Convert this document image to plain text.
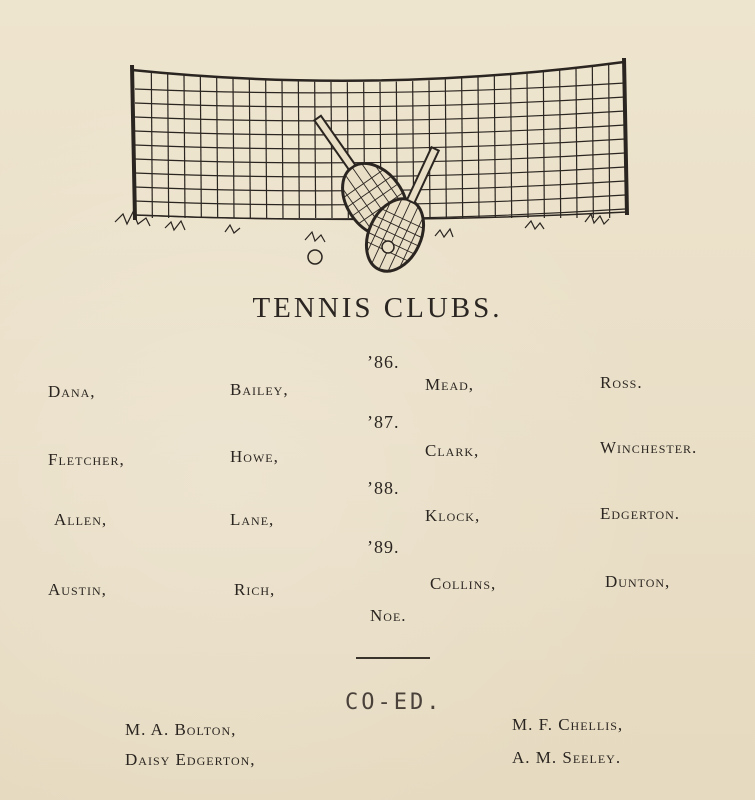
TENNIS CLUBS.
’86.
Dana,	Bailey,	Mead,	Ross.
’87.
Fletcher,	Howe,	Clark,	Winchester.
’88.
Allen,	Lane,	Klock,	Edgerton.
’89.
Austin,	Rich,	Collins,	Dunton,
Noe.
CO-ED.
M. A. Bolton,
Daisy Edgerton,
M. F. Chellis,
A. M. Seeley.
